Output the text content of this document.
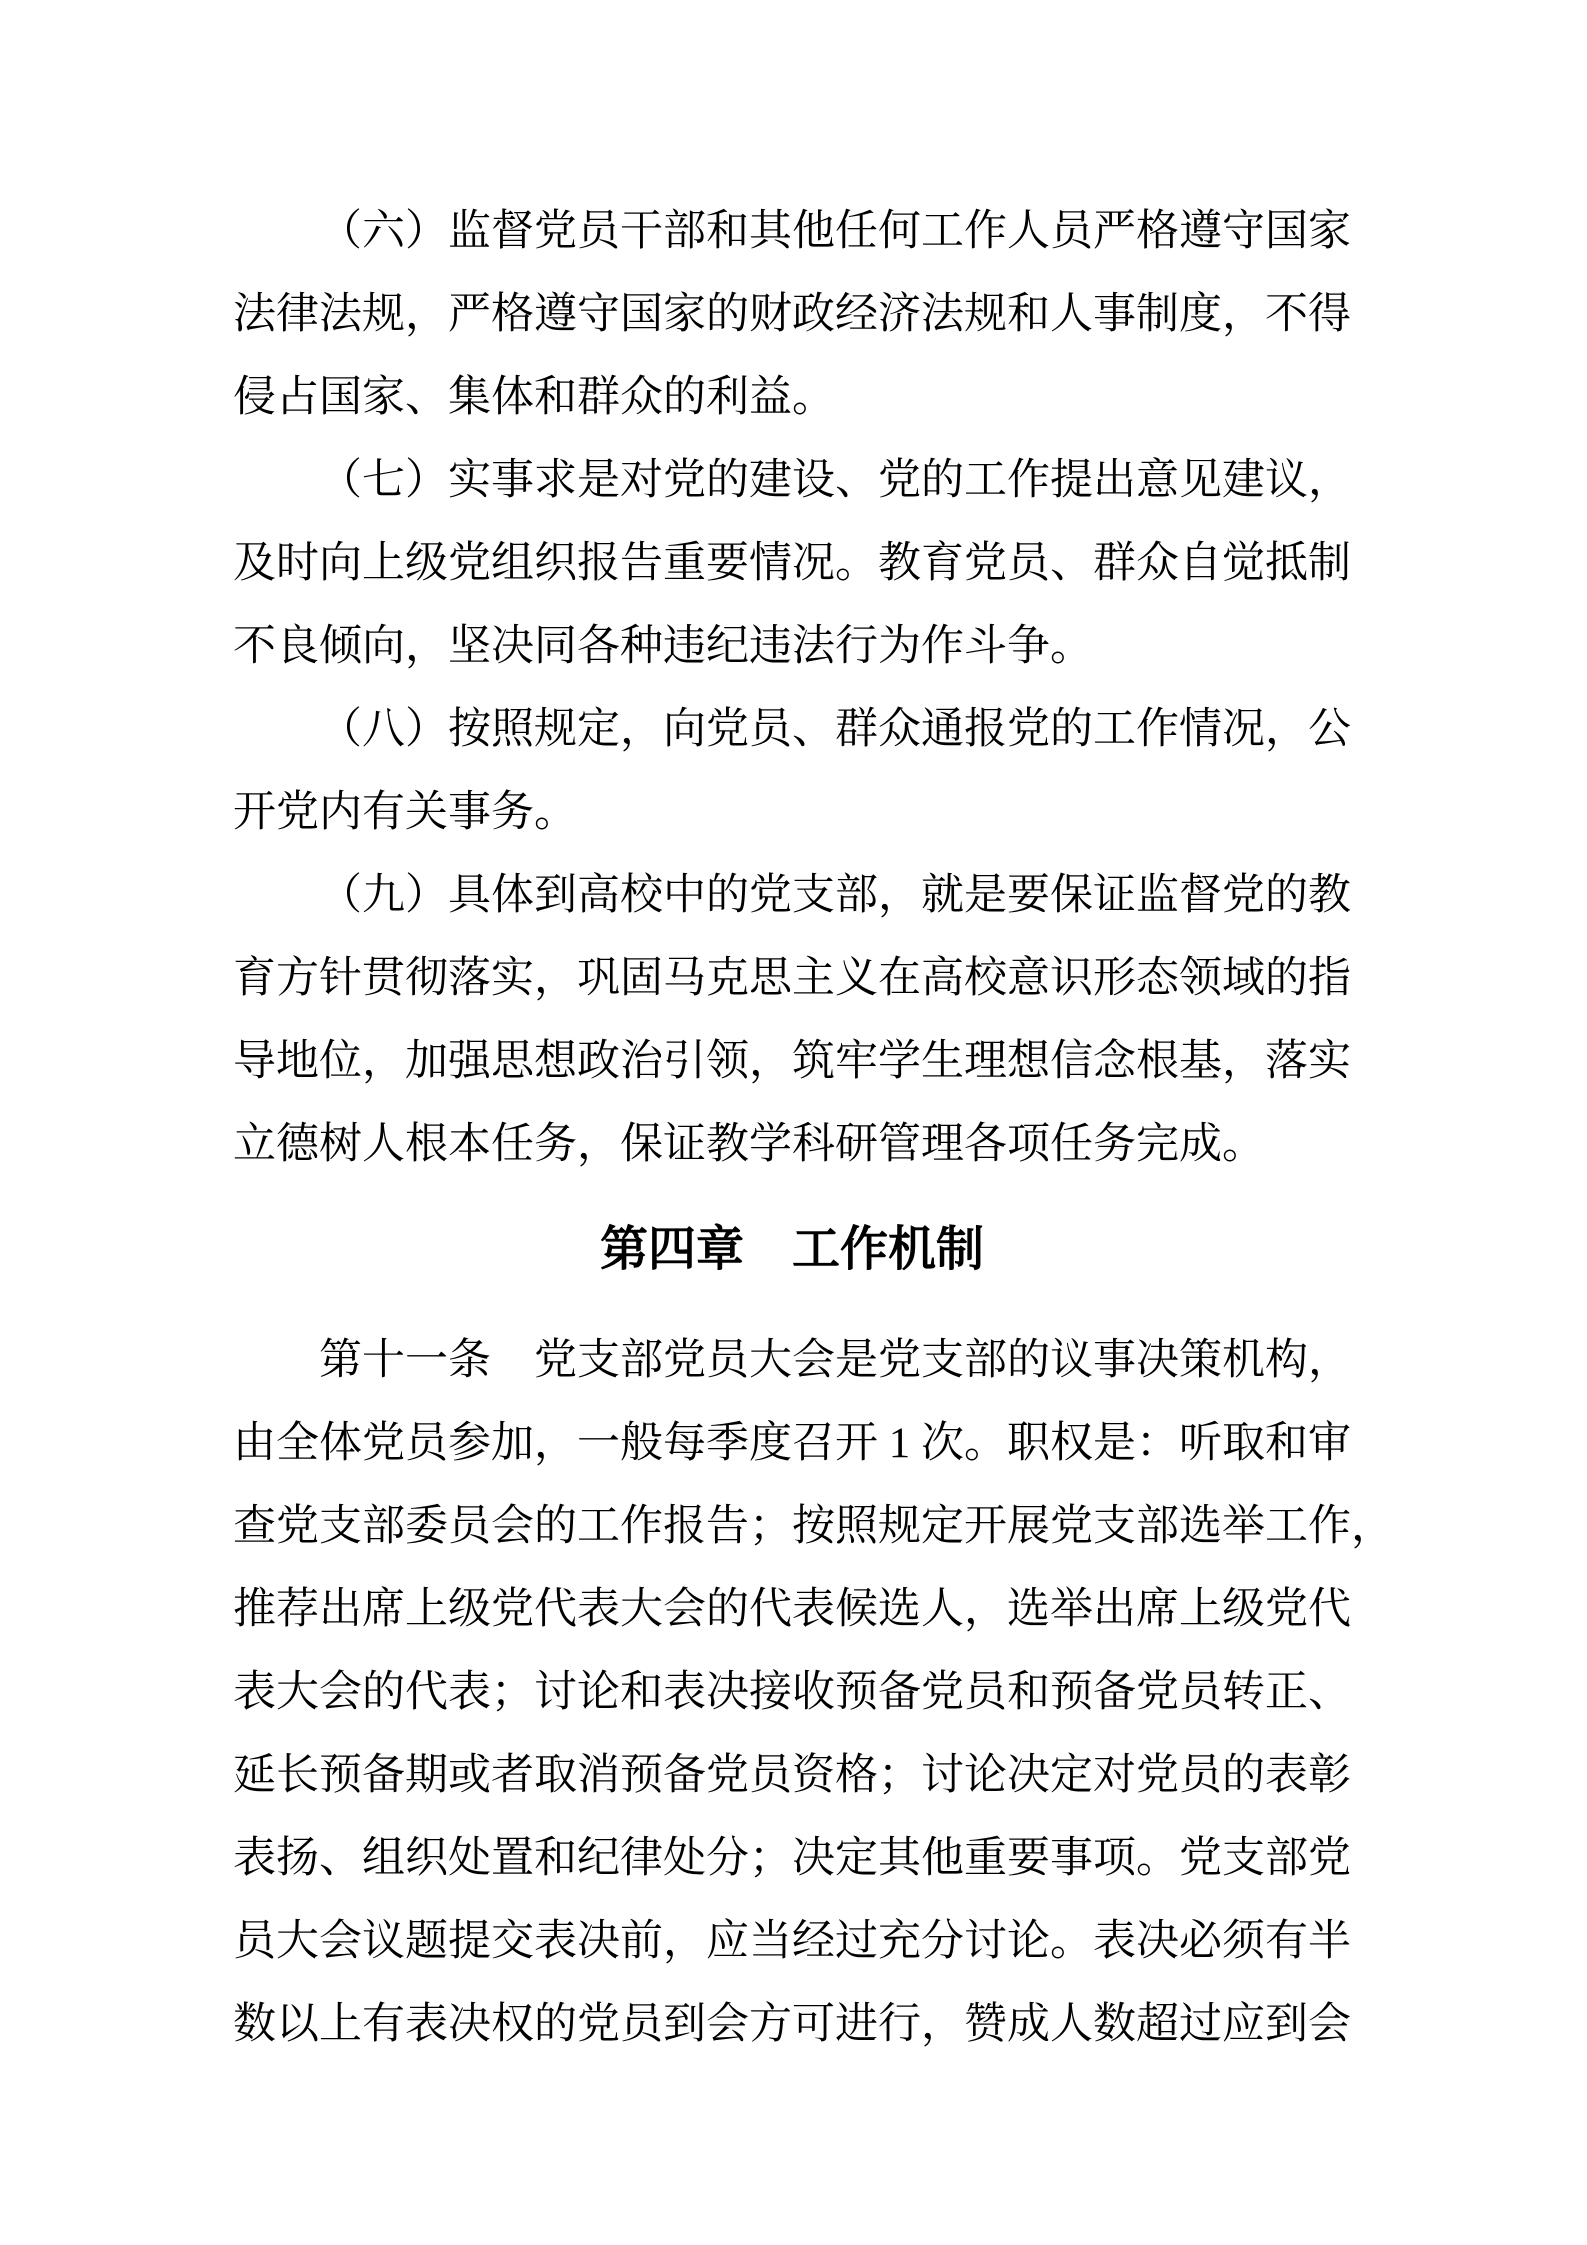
（六）监督党员干部和其他任何工作人员严格遵守国家
法律法规，严格遵守国家的财政经济法规和人事制度，不得
侵占国家、集体和群众的利益。
（七）实事求是对党的建设、党的工作提出意见建议，
及时向上级党组织报告重要情况。教育党员、群众自觉抵制
不良倾向，坚决同各种违纪违法行为作斗争。
（八）按照规定，向党员、群众通报党的工作情况，公
开党内有关事务。
（九）具体到高校中的党支部，就是要保证监督党的教
育方针贯彻落实，巩固马克思主义在高校意识形态领域的指
导地位，加强思想政治引领，筑牢学生理想信念根基，落实
立德树人根本任务，保证教学科研管理各项任务完成。
第四章　工作机制
第十一条　党支部党员大会是党支部的议事决策机构，
由全体党员参加，一般每季度召开 1 次。职权是：听取和审
查党支部委员会的工作报告；按照规定开展党支部选举工作，
推荐出席上级党代表大会的代表候选人，选举出席上级党代
表大会的代表；讨论和表决接收预备党员和预备党员转正、
延长预备期或者取消预备党员资格；讨论决定对党员的表彰
表扬、组织处置和纪律处分；决定其他重要事项。党支部党
员大会议题提交表决前，应当经过充分讨论。表决必须有半
数以上有表决权的党员到会方可进行，赞成人数超过应到会
